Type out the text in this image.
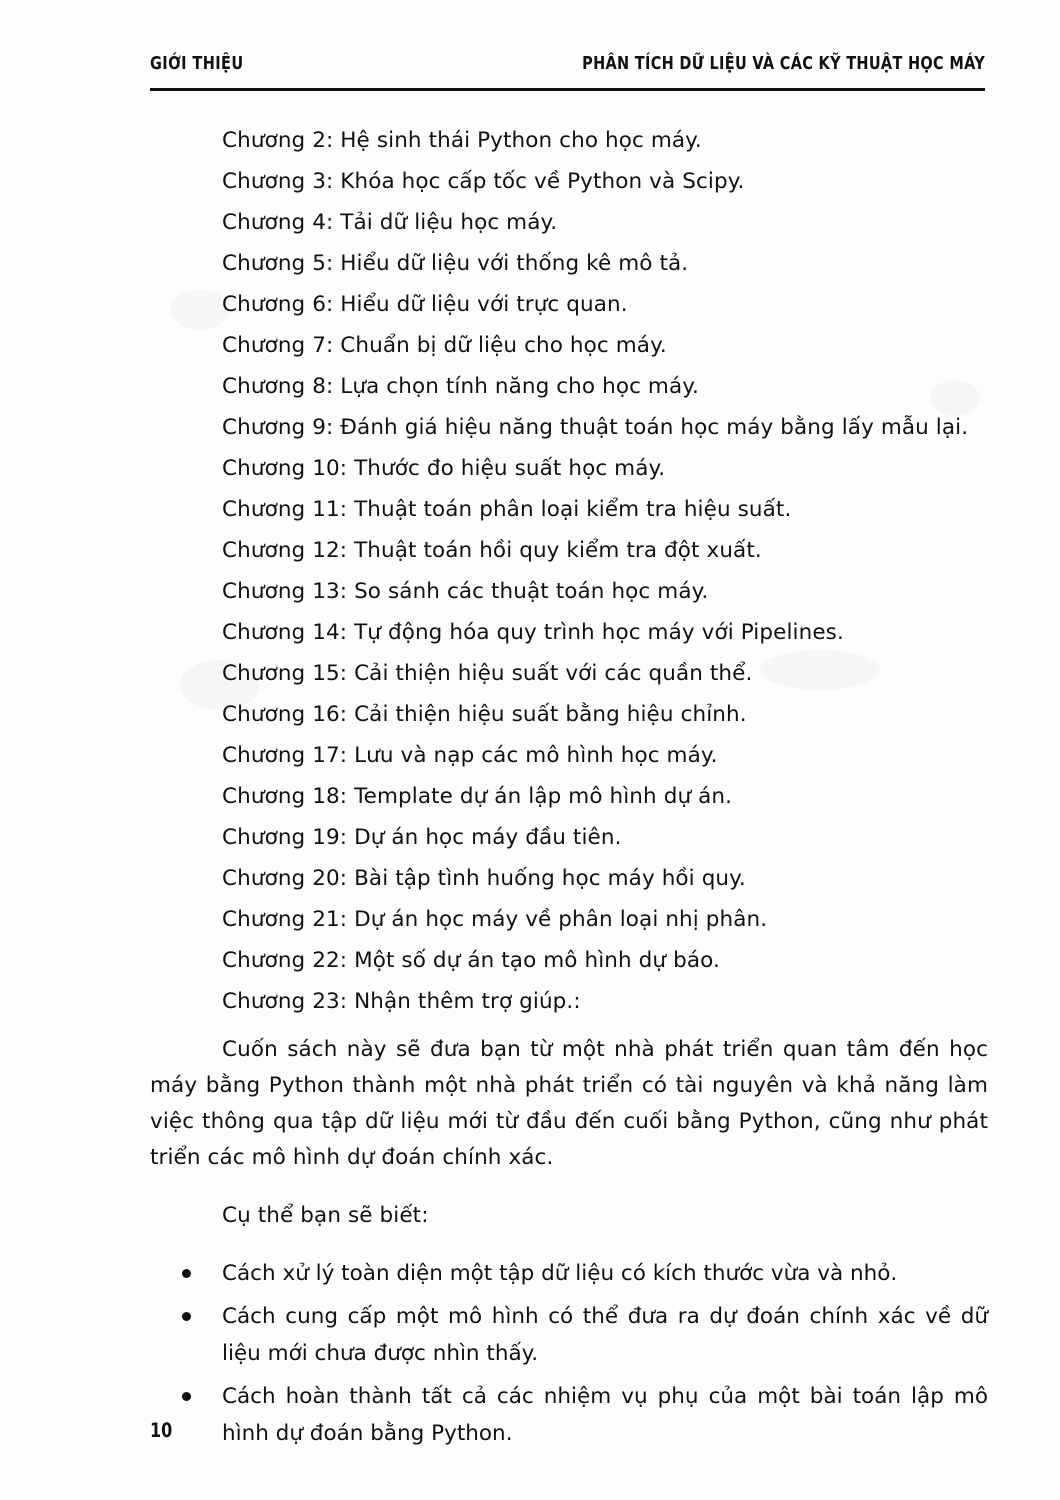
GIỚI THIỆU	PHÂN TÍCH DỮ LIỆU VÀ CÁC KỸ THUẬT HỌC MÁY
Chương 2: Hệ sinh thái Python cho học máy.
Chương 3: Khóa học cấp tốc về Python và Scipy.
Chương 4: Tải dữ liệu học máy.
Chương 5: Hiểu dữ liệu với thống kê mô tả.
Chương 6: Hiểu dữ liệu với trực quan.
Chương 7: Chuẩn bị dữ liệu cho học máy.
Chương 8: Lựa chọn tính năng cho học máy.
Chương 9: Đánh giá hiệu năng thuật toán học máy bằng lấy mẫu lại.
Chương 10: Thước đo hiệu suất học máy.
Chương 11: Thuật toán phân loại kiểm tra hiệu suất.
Chương 12: Thuật toán hồi quy kiểm tra đột xuất.
Chương 13: So sánh các thuật toán học máy.
Chương 14: Tự động hóa quy trình học máy với Pipelines.
Chương 15: Cải thiện hiệu suất với các quần thể.
Chương 16: Cải thiện hiệu suất bằng hiệu chỉnh.
Chương 17: Lưu và nạp các mô hình học máy.
Chương 18: Template dự án lập mô hình dự án.
Chương 19: Dự án học máy đầu tiên.
Chương 20: Bài tập tình huống học máy hồi quy.
Chương 21: Dự án học máy về phân loại nhị phân.
Chương 22: Một số dự án tạo mô hình dự báo.
Chương 23: Nhận thêm trợ giúp.:

Cuốn sách này sẽ đưa bạn từ một nhà phát triển quan tâm đến học máy bằng Python thành một nhà phát triển có tài nguyên và khả năng làm việc thông qua tập dữ liệu mới từ đầu đến cuối bằng Python, cũng như phát triển các mô hình dự đoán chính xác.

Cụ thể bạn sẽ biết:

Cách xử lý toàn diện một tập dữ liệu có kích thước vừa và nhỏ.
Cách cung cấp một mô hình có thể đưa ra dự đoán chính xác về dữ liệu mới chưa được nhìn thấy.
Cách hoàn thành tất cả các nhiệm vụ phụ của một bài toán lập mô hình dự đoán bằng Python.
10
